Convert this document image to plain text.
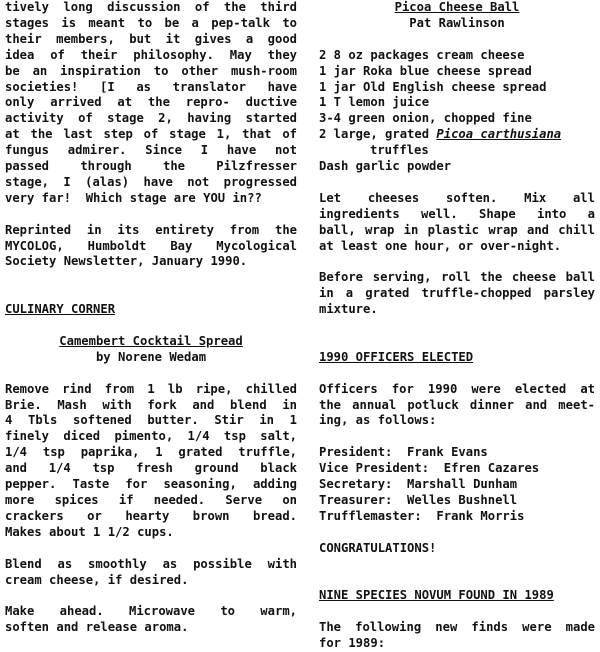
tively long discussion of the third
stages is meant to be a pep-talk to
their members, but it gives a good
idea of their philosophy. May they
be an inspiration to other mush-room
societies! [I as translator have
only arrived at the repro- ductive
activity of stage 2, having started
at the last step of stage 1, that of
fungus admirer. Since I have not
passed through the Pilzfresser
stage, I (alas) have not progressed
very far!  Which stage are YOU in??
Reprinted in its entirety from the
MYCOLOG, Humboldt Bay Mycological
Society Newsletter, January 1990.
CULINARY CORNER
Camembert Cocktail Spread
by Norene Wedam
Remove rind from 1 lb ripe, chilled
Brie. Mash with fork and blend in
4 Tbls softened butter. Stir in 1
finely diced pimento, 1/4 tsp salt,
1/4 tsp paprika, 1 grated truffle,
and 1/4 tsp fresh ground black
pepper. Taste for seasoning, adding
more spices if needed. Serve on
crackers or hearty brown bread.
Makes about 1 1/2 cups.
Blend as smoothly as possible with
cream cheese, if desired.
Make ahead. Microwave to warm,
soften and release aroma.
Picoa Cheese Ball
Pat Rawlinson
2 8 oz packages cream cheese
1 jar Roka blue cheese spread
1 jar Old English cheese spread
1 T lemon juice
3-4 green onion, chopped fine
2 large, grated Picoa carthusiana
truffles
Dash garlic powder
Let cheeses soften. Mix all
ingredients well. Shape into a
ball, wrap in plastic wrap and chill
at least one hour, or over-night.
Before serving, roll the cheese ball
in a grated truffle-chopped parsley
mixture.
1990 OFFICERS ELECTED
Officers for 1990 were elected at
the annual potluck dinner and meet-
ing, as follows:
President:  Frank Evans
Vice President:  Efren Cazares
Secretary:  Marshall Dunham
Treasurer:  Welles Bushnell
Trufflemaster:  Frank Morris
CONGRATULATIONS!
NINE SPECIES NOVUM FOUND IN 1989
The following new finds were made
for 1989:
